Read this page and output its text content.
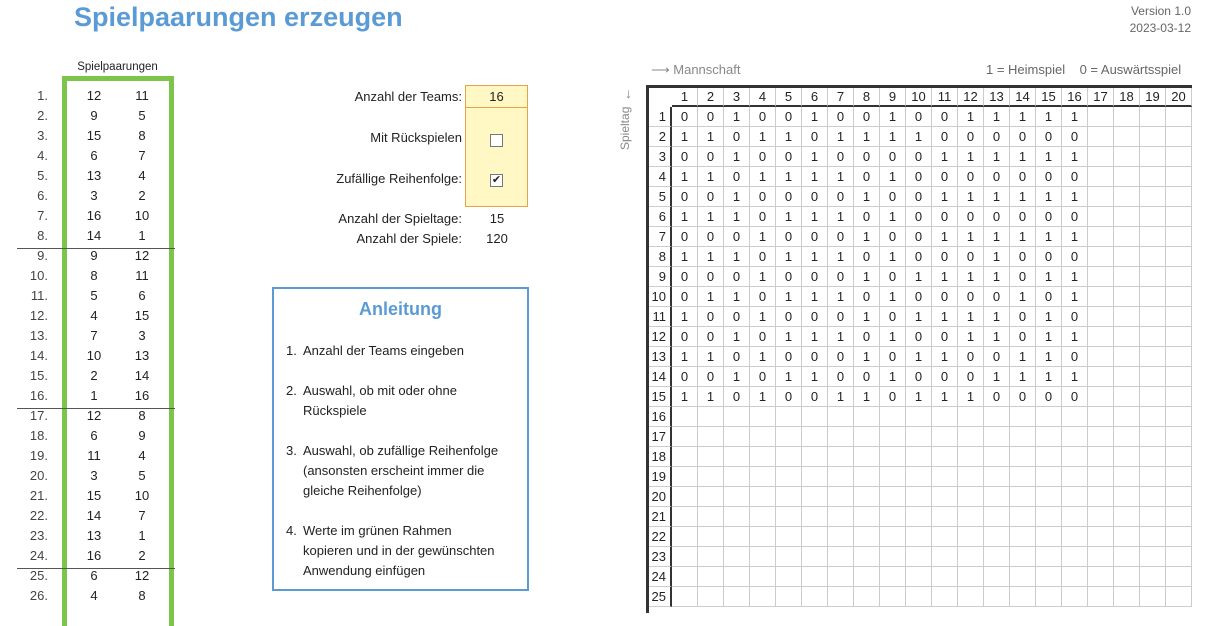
Spielpaarungen erzeugen	Version 1.0
2023-03-12
Spielpaarungen
1.	12	11
2.	9	5
3.	15	8
4.	6	7
5.	13	4
6.	3	2
7.	16	10
8.	14	1
9.	9	12
10.	8	11
11.	5	6
12.	4	15
13.	7	3
14.	10	13
15.	2	14
16.	1	16
17.	12	8
18.	6	9
19.	11	4
20.	3	5
21.	15	10
22.	14	7
23.	13	1
24.	16	2
25.	6	12
26.	4	8
Anzahl der Teams:	16
Mit Rückspielen
Zufällige Reihenfolge:	✔
Anzahl der Spieltage:	15
Anzahl der Spiele:	120
Anleitung
1. Anzahl der Teams eingeben
2. Auswahl, ob mit oder ohne
Rückspiele
3. Auswahl, ob zufällige Reihenfolge
(ansonsten erscheint immer die
gleiche Reihenfolge)
4. Werte im grünen Rahmen
kopieren und in der gewünschten
Anwendung einfügen
⟶ Mannschaft	1 = Heimspiel 0 = Auswärtsspiel
↓
Spieltag
1	2	3	4	5	6	7	8	9	10 11 12 13 14 15 16 17 18 19 20
1	0	0	1	0	0	1	0	0	1	0	0	1	1	1	1	1
2	1	1	0	1	1	0	1	1	1	1	0	0	0	0	0	0
3	0	0	1	0	0	1	0	0	0	0	1	1	1	1	1	1
4	1	1	0	1	1	1	1	0	1	0	0	0	0	0	0	0
5	0	0	1	0	0	0	0	1	0	0	1	1	1	1	1	1
6	1	1	1	0	1	1	1	0	1	0	0	0	0	0	0	0
7	0	0	0	1	0	0	0	1	0	0	1	1	1	1	1	1
8	1	1	1	0	1	1	1	0	1	0	0	0	1	0	0	0
9	0	0	0	1	0	0	0	1	0	1	1	1	1	0	1	1
10	0	1	1	0	1	1	1	0	1	0	0	0	0	1	0	1
11	1	0	0	1	0	0	0	1	0	1	1	1	1	0	1	0
12	0	0	1	0	1	1	1	0	1	0	0	1	1	0	1	1
13	1	1	0	1	0	0	0	1	0	1	1	0	0	1	1	0
14	0	0	1	0	1	1	0	0	1	0	0	0	1	1	1	1
15	1	1	0	1	0	0	1	1	0	1	1	1	0	0	0	0
16
17
18
19
20
21
22
23
24
25
